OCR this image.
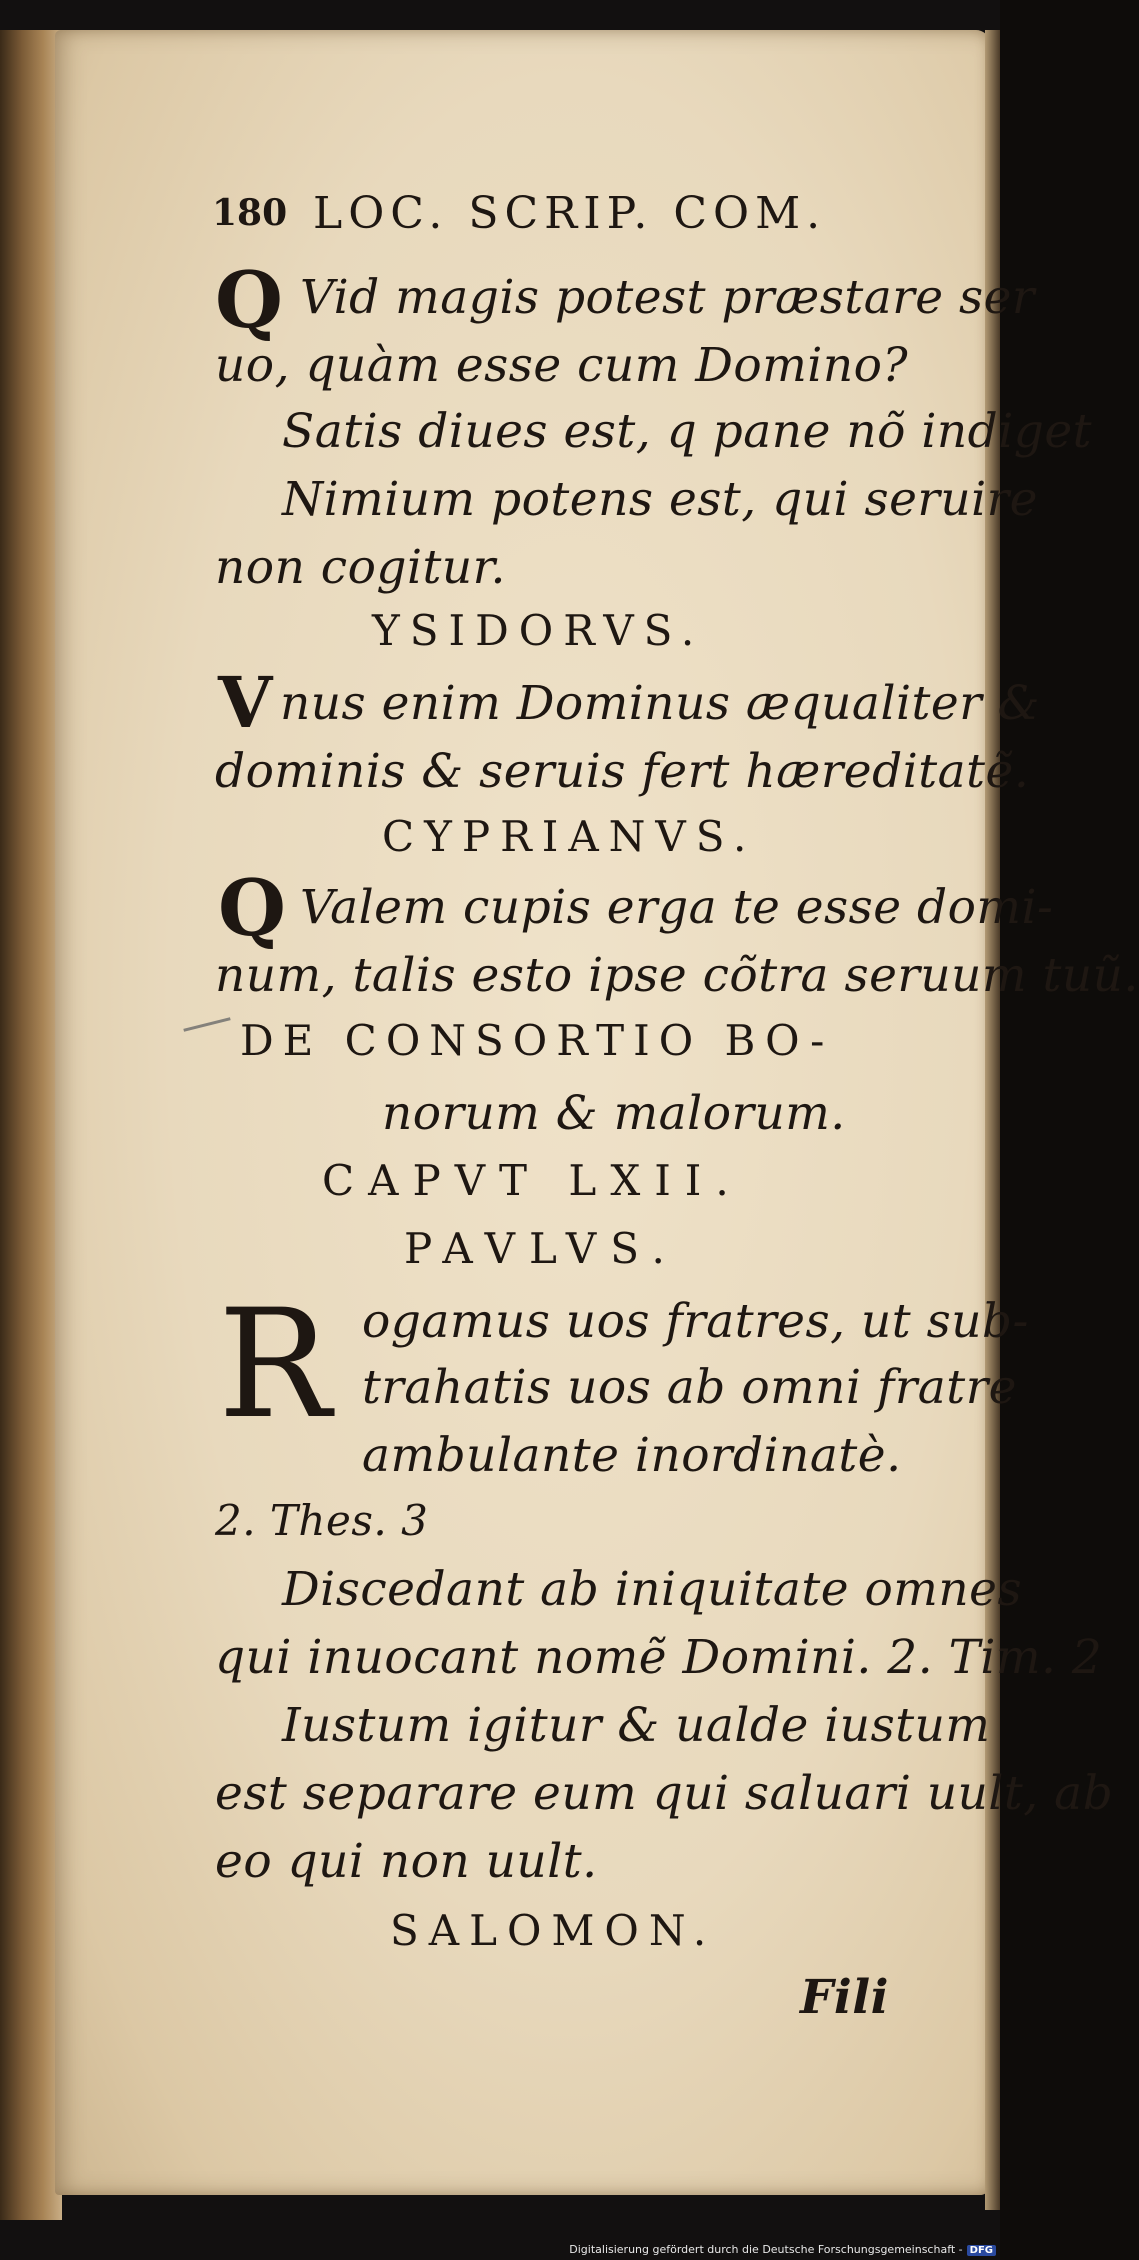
180 LOC. SCRIP. COM.
Q Vid magis potest præstare ser
uo, quàm esse cum Domino?
Satis diues est, q pane nõ indiget
Nimium potens est, qui seruire
non cogitur.
YSIDORVS.
V nus enim Dominus æqualiter &
dominis & seruis fert hæreditatẽ.
CYPRIANVS.
Q Valem cupis erga te esse domi-
num, talis esto ipse cõtra seruum tuũ.
DE CONSORTIO BO-
norum & malorum.
CAPVT LXII.
PAVLVS.
R ogamus uos fratres, ut sub-
trahatis uos ab omni fratre
ambulante inordinatè.
2. Thes. 3
Discedant ab iniquitate omnes
qui inuocant nomẽ Domini. 2. Tim. 2
Iustum igitur & ualde iustum
est separare eum qui saluari uult, ab
eo qui non uult.
SALOMON.
Fili
Digitalisierung gefördert durch die Deutsche Forschungsgemeinschaft - DFG
